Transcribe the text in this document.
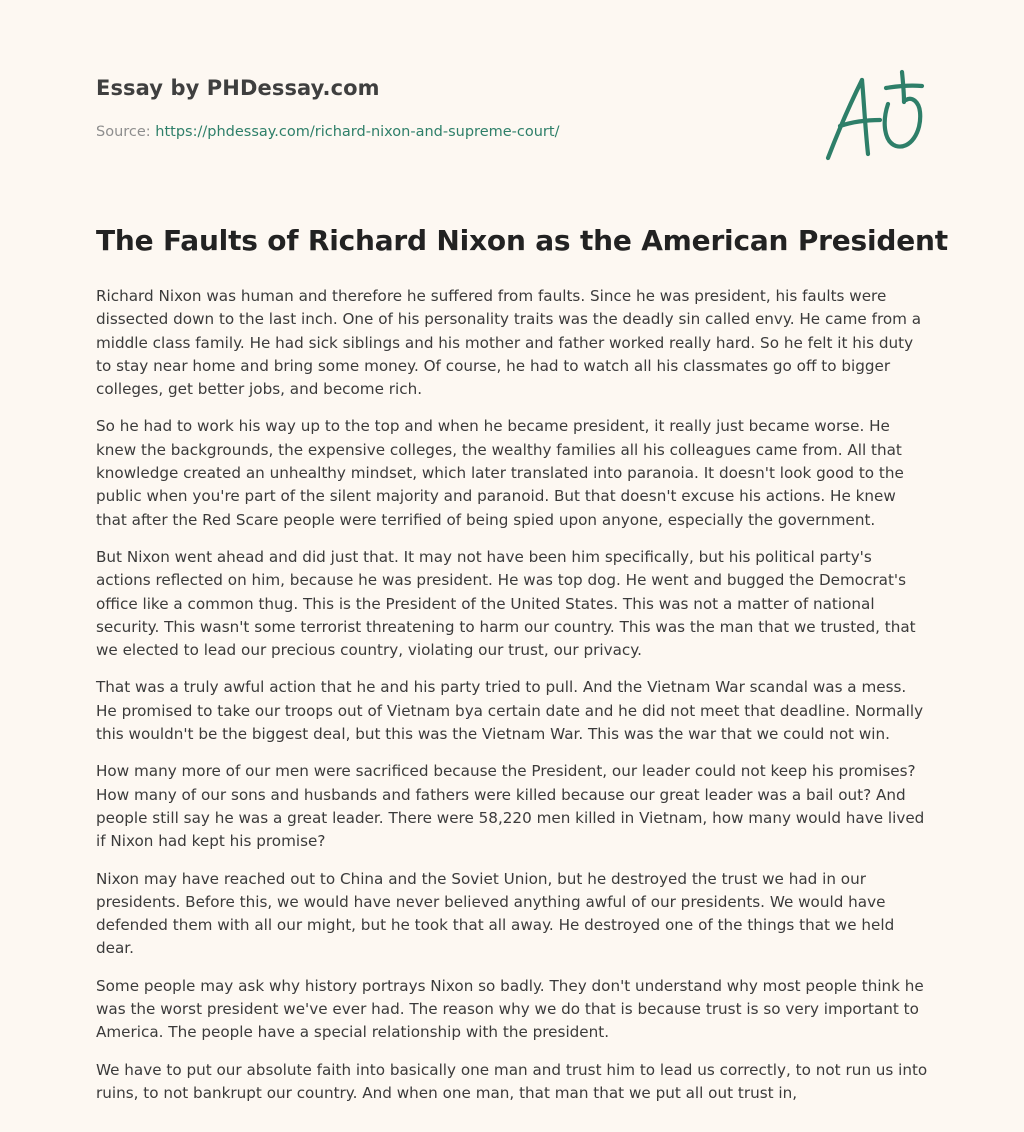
Essay by PHDessay.com
Source: https://phdessay.com/richard-nixon-and-supreme-court/
The Faults of Richard Nixon as the American President

Richard Nixon was human and therefore he suffered from faults. Since he was president, his faults were dissected down to the last inch. One of his personality traits was the deadly sin called envy. He came from a middle class family. He had sick siblings and his mother and father worked really hard. So he felt it his duty to stay near home and bring some money. Of course, he had to watch all his classmates go off to bigger colleges, get better jobs, and become rich.

So he had to work his way up to the top and when he became president, it really just became worse. He knew the backgrounds, the expensive colleges, the wealthy families all his colleagues came from. All that knowledge created an unhealthy mindset, which later translated into paranoia. It doesn't look good to the public when you're part of the silent majority and paranoid. But that doesn't excuse his actions. He knew that after the Red Scare people were terrified of being spied upon anyone, especially the government.

But Nixon went ahead and did just that. It may not have been him specifically, but his political party's actions reflected on him, because he was president. He was top dog. He went and bugged the Democrat's office like a common thug. This is the President of the United States. This was not a matter of national security. This wasn't some terrorist threatening to harm our country. This was the man that we trusted, that we elected to lead our precious country, violating our trust, our privacy.

That was a truly awful action that he and his party tried to pull. And the Vietnam War scandal was a mess. He promised to take our troops out of Vietnam bya certain date and he did not meet that deadline. Normally this wouldn't be the biggest deal, but this was the Vietnam War. This was the war that we could not win.

How many more of our men were sacrificed because the President, our leader could not keep his promises? How many of our sons and husbands and fathers were killed because our great leader was a bail out? And people still say he was a great leader. There were 58,220 men killed in Vietnam, how many would have lived if Nixon had kept his promise?

Nixon may have reached out to China and the Soviet Union, but he destroyed the trust we had in our presidents. Before this, we would have never believed anything awful of our presidents. We would have defended them with all our might, but he took that all away. He destroyed one of the things that we held dear.

Some people may ask why history portrays Nixon so badly. They don't understand why most people think he was the worst president we've ever had. The reason why we do that is because trust is so very important to America. The people have a special relationship with the president.

We have to put our absolute faith into basically one man and trust him to lead us correctly, to not run us into ruins, to not bankrupt our country. And when one man, that man that we put all out trust in,
